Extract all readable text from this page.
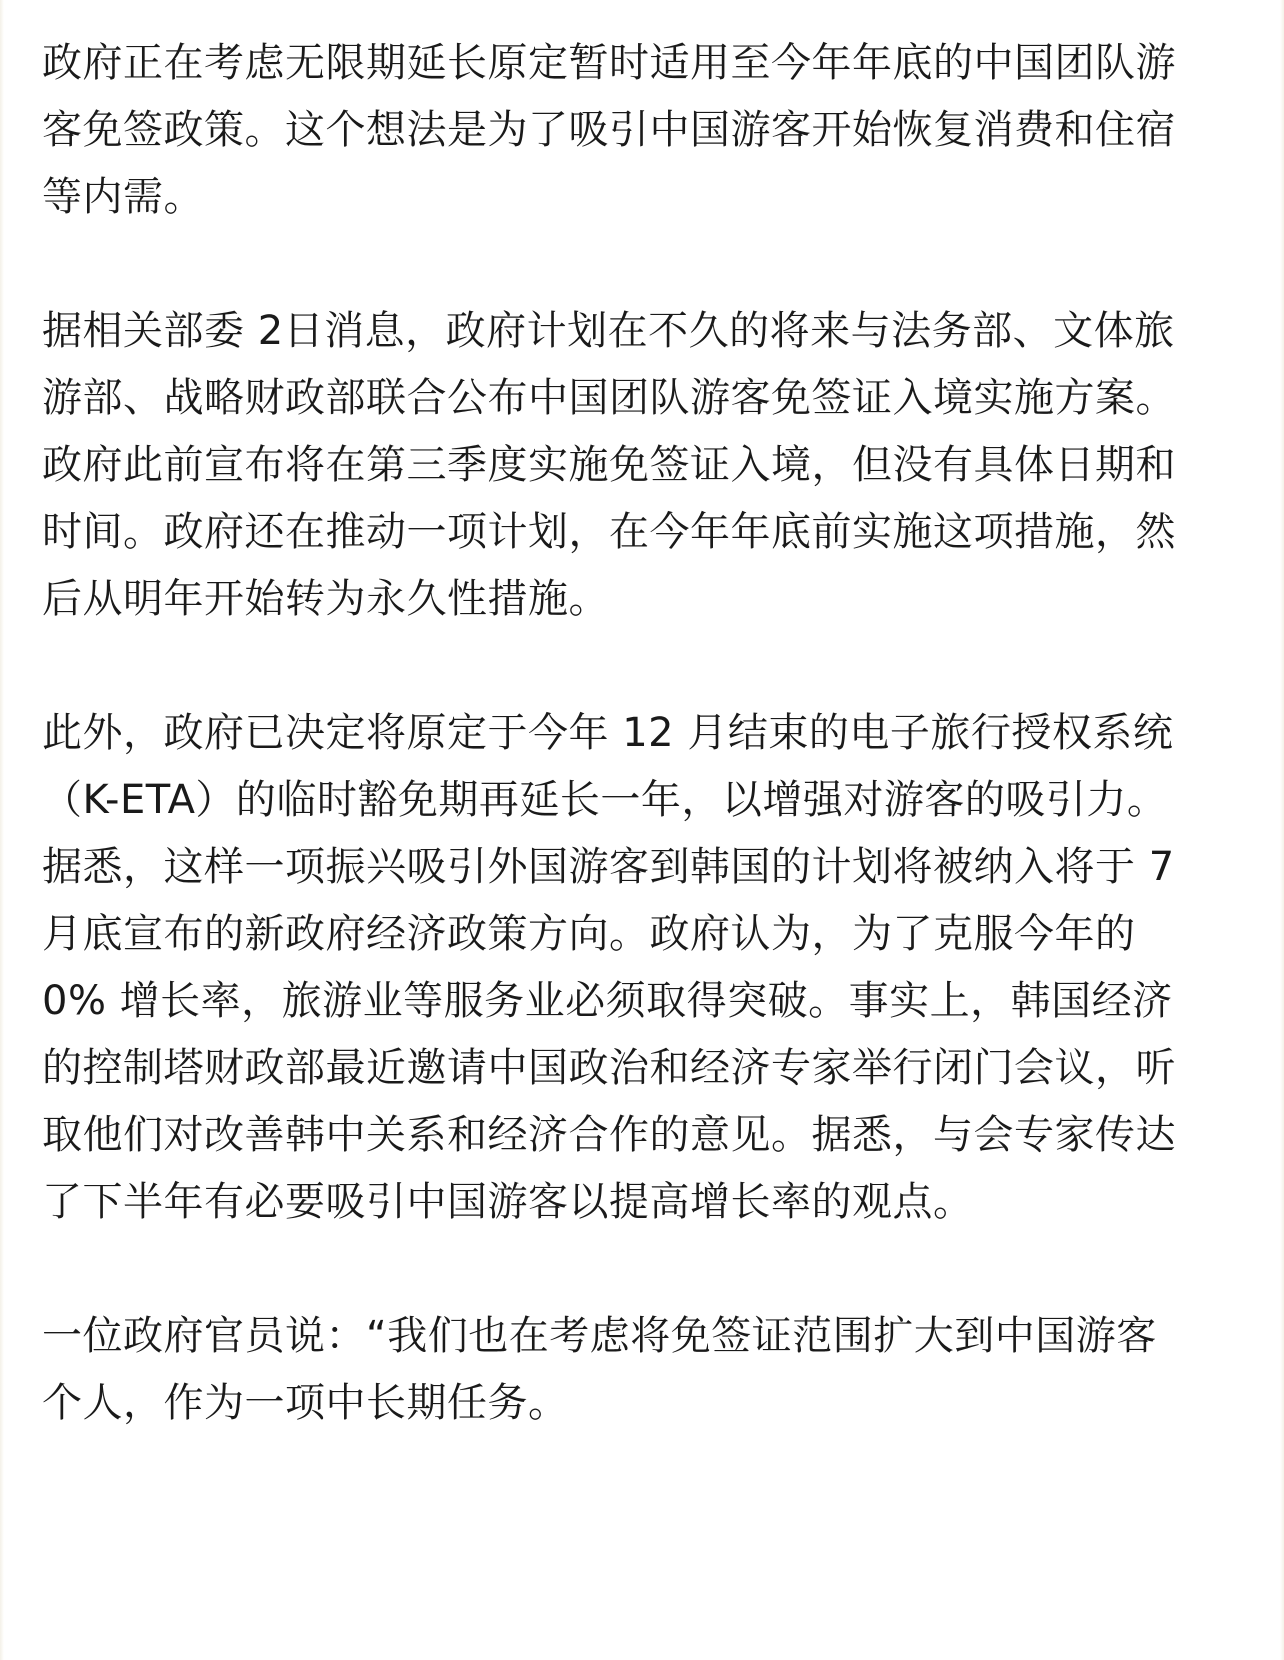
政府正在考虑无限期延长原定暂时适用至今年年底的中国团队游客免签政策。这个想法是为了吸引中国游客开始恢复消费和住宿等内需。

据相关部委 2日消息，政府计划在不久的将来与法务部、文体旅游部、战略财政部联合公布中国团队游客免签证入境实施方案。政府此前宣布将在第三季度实施免签证入境，但没有具体日期和时间。政府还在推动一项计划，在今年年底前实施这项措施，然后从明年开始转为永久性措施。

此外，政府已决定将原定于今年 12 月结束的电子旅行授权系统（K-ETA）的临时豁免期再延长一年，以增强对游客的吸引力。 据悉，这样一项振兴吸引外国游客到韩国的计划将被纳入将于 7 月底宣布的新政府经济政策方向。政府认为，为了克服今年的 0% 增长率，旅游业等服务业必须取得突破。事实上，韩国经济的控制塔财政部最近邀请中国政治和经济专家举行闭门会议，听取他们对改善韩中关系和经济合作的意见。据悉，与会专家传达了下半年有必要吸引中国游客以提高增长率的观点。

一位政府官员说：“我们也在考虑将免签证范围扩大到中国游客个人，作为一项中长期任务。
